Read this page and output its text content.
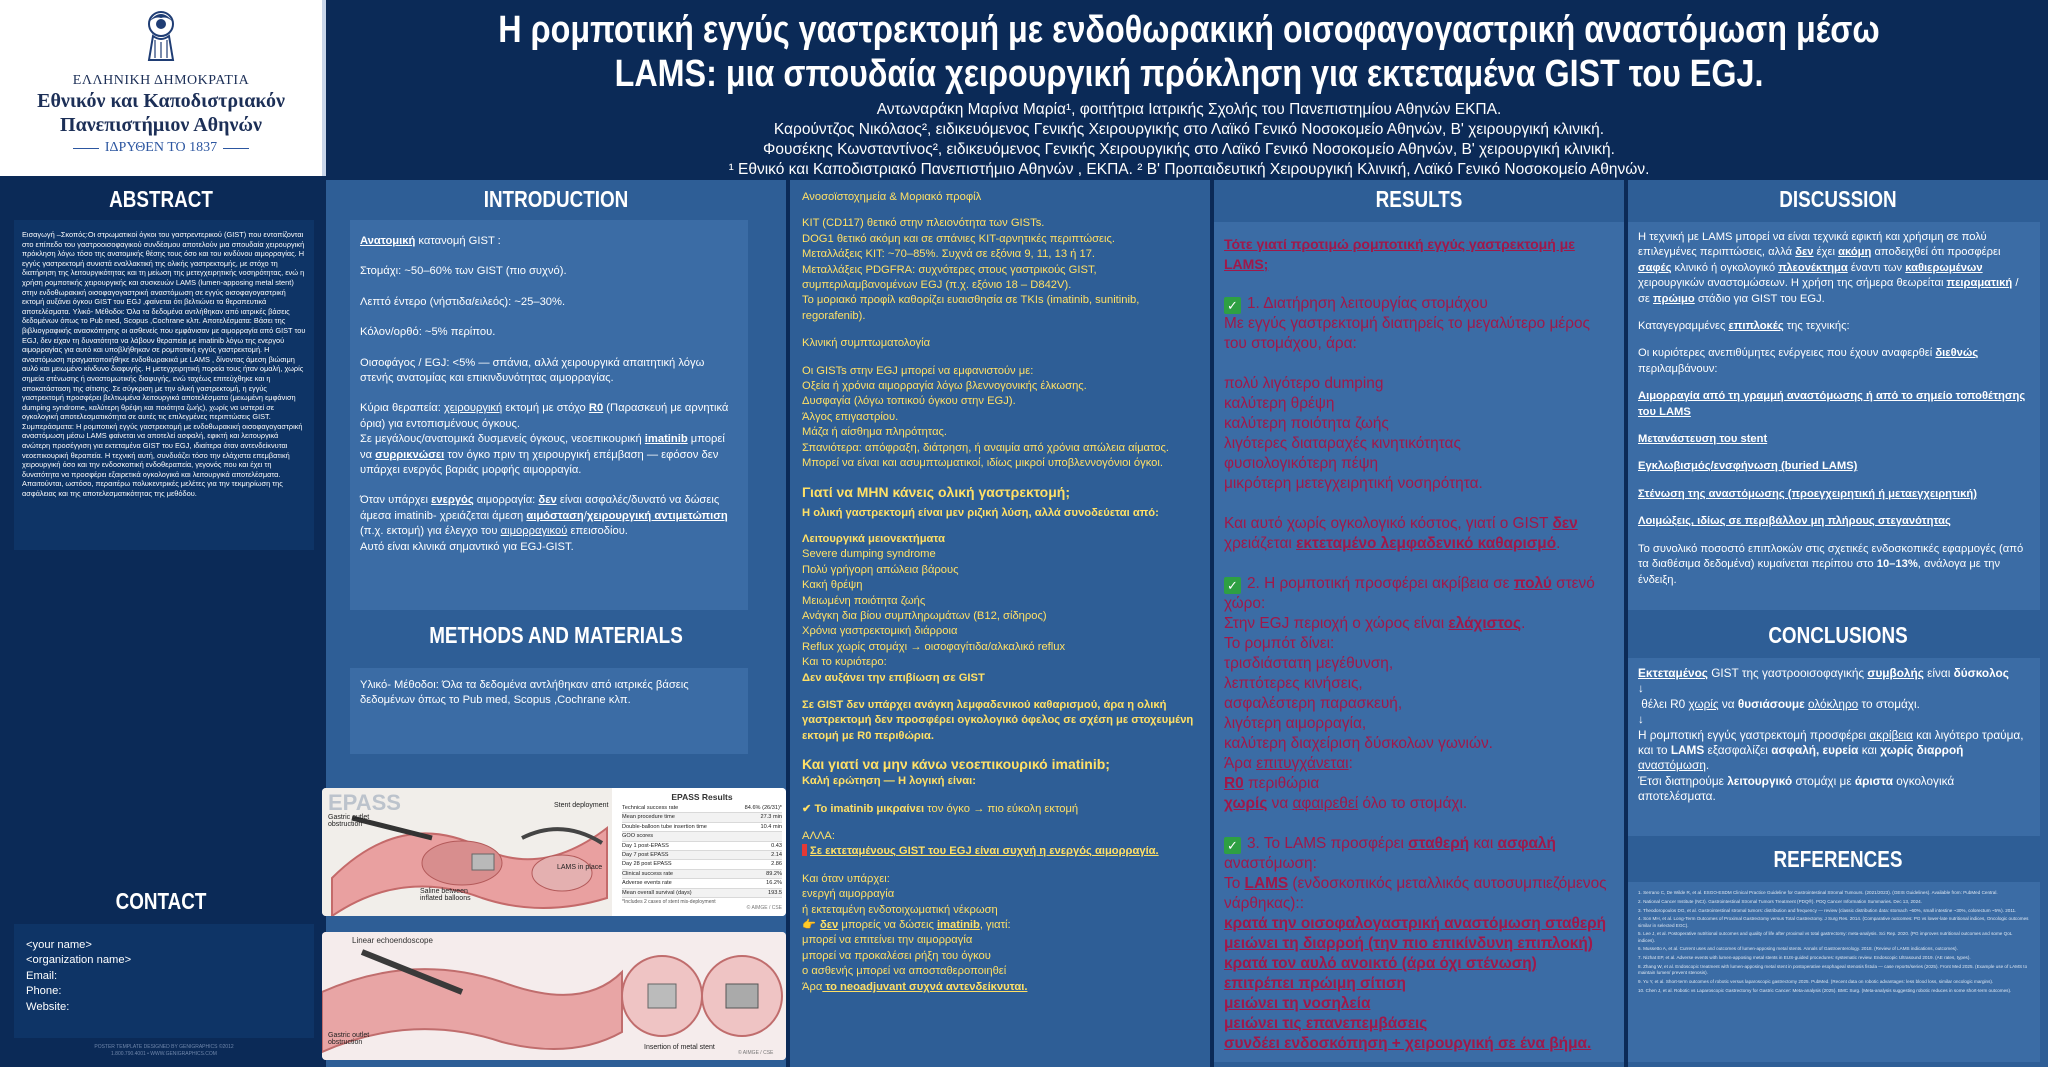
ΕΛΛΗΝΙΚΗ ΔΗΜΟΚΡΑΤΙΑ
Εθνικόν και Καποδιστριακόν
Πανεπιστήμιον Αθηνών
ΙΔΡΥΘΕΝ ΤΟ 1837
Η ρομποτική εγγύς γαστρεκτομή με ενδοθωρακική οισοφαγογαστρική αναστόμωση μέσω
LAMS: μια σπουδαία χειρουργική πρόκληση για εκτεταμένα GIST του EGJ.
Αντωναράκη Μαρίνα Μαρία¹, φοιτήτρια Ιατρικής Σχολής του Πανεπιστημίου Αθηνών ΕΚΠΑ.
Καρούντζος Νικόλαος², ειδικευόμενος Γενικής Χειρουργικής στο Λαϊκό Γενικό Νοσοκομείο Αθηνών, Β' χειρουργική κλινική.
Φουσέκης Κωνσταντίνος², ειδικευόμενος Γενικής Χειρουργικής στο Λαϊκό Γενικό Νοσοκομείο Αθηνών, Β' χειρουργική κλινική.
¹ Εθνικό και Καποδιστριακό Πανεπιστήμιο Αθηνών , ΕΚΠΑ. ² Β' Προπαιδευτική Χειρουργική Κλινική, Λαϊκό Γενικό Νοσοκομείο Αθηνών.
ABSTRACT
Εισαγωγή –Σκοπός:Οι στρωματικοί όγκοι του γαστρεντερικού (GIST) που εντοπίζονται στο επίπεδο του γαστροοισοφαγικού συνδέσμου αποτελούν μια σπουδαία χειρουργική πρόκληση λόγω τόσο της ανατομικής θέσης τους όσο και του κινδύνου αιμορραγίας. Η εγγύς γαστρεκτομή συνιστά εναλλακτική της ολικής γαστρεκτομής, με στόχο τη διατήρηση της λειτουργικότητας και τη μείωση της μετεγχειρητικής νοσηρότητας, ενώ η χρήση ρομποτικής χειρουργικής και συσκευών LAMS (lumen-apposing metal stent) στην ενδοθωρακική οισοφαγογαστρική αναστόμωση σε εγγύς οισοφαγογαστρική εκτομή αυξάνει όγκου GIST του EGJ ,φαίνεται ότι βελτιώνει τα θεραπευτικά αποτελέσματα. Υλικό- Μέθοδοι: Όλα τα δεδομένα αντλήθηκαν από ιατρικές βάσεις δεδομένων όπως το Pub med, Scopus ,Cochrane κλπ. Αποτελέσματα: Βάσει της βιβλιογραφικής ανασκόπησης οι ασθενείς που εμφάνισαν με αιμορραγία από GIST του EGJ, δεν είχαν τη δυνατότητα να λάβουν θεραπεία με imatinib λόγω της ενεργού αιμορραγίας για αυτό και υποβλήθηκαν σε ρομποτική εγγύς γαστρεκτομή. Η αναστόμωση πραγματοποιήθηκε ενδοθωρακικά με LAMS , δίνοντας άμεση βιώσιμη αυλό και μειωμένο κίνδυνο διαφυγής. Η μετεγχειρητική πορεία τους ήταν ομαλή, χωρίς σημεία στένωσης ή αναστομωτικής διαφυγής, ενώ ταχέως επιτεύχθηκε και η αποκατάσταση της σίτισης. Σε σύγκριση με την ολική γαστρεκτομή, η εγγύς γαστρεκτομή προσφέρει βελτιωμένα λειτουργικά αποτελέσματα (μειωμένη εμφάνιση dumping syndrome, καλύτερη θρέψη και ποιότητα ζωής), χωρίς να υστερεί σε ογκολογική αποτελεσματικότητα σε αυτές τις επιλεγμένες περιπτώσεις GIST. Συμπεράσματα: Η ρομποτική εγγύς γαστρεκτομή με ενδοθωρακική οισοφαγογαστρική αναστόμωση μέσω LAMS φαίνεται να αποτελεί ασφαλή, εφικτή και λειτουργικά ανώτερη προσέγγιση για εκτεταμένα GIST του EGJ, ιδιαίτερα όταν αντενδείκνυται νεοεπικουρική θεραπεία. Η τεχνική αυτή, συνδυάζει τόσο την ελάχιστα επεμβατική χειρουργική όσο και την ενδοσκοπική ενδοθεραπεία, γεγονός που και έχει τη δυνατότητα να προσφέρει εξαιρετικά ογκολογικά και λειτουργικά αποτελέσματα. Απαιτούνται, ωστόσο, περαιτέρω πολυκεντρικές μελέτες για την τεκμηρίωση της ασφάλειας και της αποτελεσματικότητας της μεθόδου.
CONTACT
<your name>
<organization name>
Email:
Phone:
Website:
POSTER TEMPLATE DESIGNED BY GENIGRAPHICS ©2012
1.800.790.4001 • WWW.GENIGRAPHICS.COM
INTRODUCTION
Ανατομική κατανομή GIST :
Στομάχι: ~50–60% των GIST (πιο συχνό).
Λεπτό έντερο (νήστιδα/ειλεός): ~25–30%.
Κόλον/ορθό: ~5% περίπου.
Οισοφάγος / EGJ: <5% — σπάνια, αλλά χειρουργικά απαιτητική λόγω στενής ανατομίας και επικινδυνότητας αιμορραγίας.
Κύρια θεραπεία: χειρουργική εκτομή με στόχο R0 (Παρασκευή με αρνητικά όρια) για εντοπισμένους όγκους.
Σε μεγάλους/ανατομικά δυσμενείς όγκους, νεοεπικουρική imatinib μπορεί να συρρικνώσει τον όγκο πριν τη χειρουργική επέμβαση — εφόσον δεν υπάρχει ενεργός βαριάς μορφής αιμορραγία.
Όταν υπάρχει ενεργός αιμορραγία: δεν είναι ασφαλές/δυνατό να δώσεις άμεσα imatinib- χρειάζεται άμεση αιμόσταση/χειρουργική αντιμετώπιση (π.χ. εκτομή) για έλεγχο του αιμορραγικού επεισοδίου.
Αυτό είναι κλινικά σημαντικό για EGJ-GIST.
METHODS AND MATERIALS
Υλικό- Μέθοδοι: Όλα τα δεδομένα αντλήθηκαν από ιατρικές βάσεις δεδομένων όπως το Pub med, Scopus ,Cochrane κλπ.
EPASS
Gastric outlet obstruction
Stent deployment
LAMS in place
Saline between inflated balloons
EPASS Results
Technical success rate	84.6% (26/31)*
Mean procedure time	27.3 min
Double-balloon tube insertion time	10.4 min
GOO scores
Day 1 post-EPASS	0.43
Day 7 post EPASS	2.14
Day 28 post EPASS	2.86
Clinical success rate	89.2%
Adverse events rate	16.2%
Mean overall survival (days)	193.5
*Includes 2 cases of stent mis-deployment
© AIMGE / CSE
Linear echoendoscope
Gastric outlet obstruction
Insertion of metal stent
© AIMGE / CSE
Ανοσοϊστοχημεία & Μοριακό προφίλ
KIT (CD117) θετικό στην πλειονότητα των GISTs.
DOG1 θετικό ακόμη και σε σπάνιες KIT-αρνητικές περιπτώσεις.
Μεταλλάξεις KIT: ~70–85%. Συχνά σε εξόνια 9, 11, 13 ή 17.
Μεταλλάξεις PDGFRA: συχνότερες στους γαστρικούς GIST, συμπεριλαμβανομένων EGJ (π.χ. εξόνιο 18 – D842V).
Το μοριακό προφίλ καθορίζει ευαισθησία σε TKIs (imatinib, sunitinib, regorafenib).
Κλινική συμπτωματολογία
Οι GISTs στην EGJ μπορεί να εμφανιστούν με:
Οξεία ή χρόνια αιμορραγία λόγω βλεννογονικής έλκωσης.
Δυσφαγία (λόγω τοπικού όγκου στην EGJ).
Άλγος επιγαστρίου.
Μάζα ή αίσθημα πληρότητας.
Σπανιότερα: απόφραξη, διάτρηση, ή αναιμία από χρόνια απώλεια αίματος.
Μπορεί να είναι και ασυμπτωματικοί, ιδίως μικροί υποβλεννογόνιοι όγκοι.
Γιατί να ΜΗΝ κάνεις ολική γαστρεκτομή;
Η ολική γαστρεκτομή είναι μεν ριζική λύση, αλλά συνοδεύεται από:
Λειτουργικά μειονεκτήματα
Severe dumping syndrome
Πολύ γρήγορη απώλεια βάρους
Κακή θρέψη
Μειωμένη ποιότητα ζωής
Ανάγκη δια βίου συμπληρωμάτων (Β12, σίδηρος)
Χρόνια γαστρεκτομική διάρροια
Reflux χωρίς στομάχι → οισοφαγίτιδα/αλκαλικό reflux
Και το κυριότερο:
Δεν αυξάνει την επιβίωση σε GIST
Σε GIST δεν υπάρχει ανάγκη λεμφαδενικού καθαρισμού, άρα η ολική γαστρεκτομή δεν προσφέρει ογκολογικό όφελος σε σχέση με στοχευμένη εκτομή με R0 περιθώρια.
Και γιατί να μην κάνω νεοεπικουρικό imatinib;
Καλή ερώτηση — Η λογική είναι:
✔ Το imatinib μικραίνει τον όγκο → πιο εύκολη εκτομή
ΑΛΛΑ:
Σε εκτεταμένους GIST του EGJ είναι συχνή η ενεργός αιμορραγία.
Και όταν υπάρχει:
ενεργή αιμορραγία
ή εκτεταμένη ενδοτοιχωματική νέκρωση
👉 δεν μπορείς να δώσεις imatinib, γιατί:
μπορεί να επιτείνει την αιμορραγία
μπορεί να προκαλέσει ρήξη του όγκου
ο ασθενής μπορεί να αποσταθεροποιηθεί
Άρα το neoadjuvant συχνά αντενδείκνυται.
RESULTS
Τότε γιατί προτιμώ ρομποτική εγγύς γαστρεκτομή με LAMS;
✓ 1. Διατήρηση λειτουργίας στομάχου
Με εγγύς γαστρεκτομή διατηρείς το μεγαλύτερο μέρος του στομάχου, άρα:
πολύ λιγότερο dumping
καλύτερη θρέψη
καλύτερη ποιότητα ζωής
λιγότερες διαταραχές κινητικότητας
φυσιολογικότερη πέψη
μικρότερη μετεγχειρητική νοσηρότητα.
Και αυτό χωρίς ογκολογικό κόστος, γιατί ο GIST δεν χρειάζεται εκτεταμένο λεμφαδενικό καθαρισμό.
✓ 2. Η ρομποτική προσφέρει ακρίβεια σε πολύ στενό χώρο:
Στην EGJ περιοχή ο χώρος είναι ελάχιστος.
Το ρομπότ δίνει:
τρισδιάστατη μεγέθυνση,
λεπτότερες κινήσεις,
ασφαλέστερη παρασκευή,
λιγότερη αιμορραγία,
καλύτερη διαχείριση δύσκολων γωνιών.
Άρα επιτυγχάνεται:
R0 περιθώρια
χωρίς να αφαιρεθεί όλο το στομάχι.
✓ 3. Το LAMS προσφέρει σταθερή και ασφαλή αναστόμωση:
Το LAMS (ενδοσκοπικός μεταλλικός αυτοσυμπιεζόμενος νάρθηκας)::
κρατά την οισοφαλογαστρική αναστόμωση σταθερή
μειώνει τη διαρροή (την πιο επικίνδυνη επιπλοκή)
κρατά τον αυλό ανοικτό (άρα όχι στένωση)
επιτρέπει πρώιμη σίτιση
μειώνει τη νοσηλεία
μειώνει τις επανεπεμβάσεις
συνδέει ενδοσκόπηση + χειρουργική σε ένα βήμα.
DISCUSSION
Η τεχνική με LAMS μπορεί να είναι τεχνικά εφικτή και χρήσιμη σε πολύ επιλεγμένες περιπτώσεις, αλλά δεν έχει ακόμη αποδειχθεί ότι προσφέρει σαφές κλινικό ή ογκολογικό πλεονέκτημα έναντι των καθιερωμένων χειρουργικών αναστομώσεων. Η χρήση της σήμερα θεωρείται πειραματική / σε πρώιμο στάδιο για GIST του EGJ.
Καταγεγραμμένες επιπλοκές της τεχνικής:
Οι κυριότερες ανεπιθύμητες ενέργειες που έχουν αναφερθεί διεθνώς περιλαμβάνουν:
Αιμορραγία από τη γραμμή αναστόμωσης ή από το σημείο τοποθέτησης του LAMS
Μετανάστευση του stent
Εγκλωβισμός/ενσφήνωση (buried LAMS)
Στένωση της αναστόμωσης (προεγχειρητική ή μεταεγχειρητική)
Λοιμώξεις, ιδίως σε περιβάλλον μη πλήρους στεγανότητας
Το συνολικό ποσοστό επιπλοκών στις σχετικές ενδοσκοπικές εφαρμογές (από τα διαθέσιμα δεδομένα) κυμαίνεται περίπου στο 10–13%, ανάλογα με την ένδειξη.
CONCLUSIONS
Εκτεταμένος GIST της γαστροοισοφαγικής συμβολής είναι δύσκολος
↓
θέλει R0 χωρίς να θυσιάσουμε ολόκληρο το στομάχι.
↓
Η ρομποτική εγγύς γαστρεκτομή προσφέρει ακρίβεια και λιγότερο τραύμα, και το LAMS εξασφαλίζει ασφαλή, ευρεία και χωρίς διαρροή αναστόμωση.
Έτσι διατηρούμε λειτουργικό στομάχι με άριστα ογκολογικά αποτελέσματα.
REFERENCES
1. Serrano C, De Wilde R, et al. ESGO-ESDM Clinical Practice Guideline for Gastrointestinal Stromal Tumours. (2021/2023). (GEIS Guidelines). Available from: PubMed Central.
2. National Cancer Institute (NCI). Gastrointestinal Stromal Tumors Treatment (PDQ®). PDQ Cancer Information Summaries. Dec 13, 2024.
3. Theodoropoulos DG, et al. Gastrointestinal stromal tumors: distribution and frequency — review (classic distribution data: stomach ~60%, small intestine ~30%, colorectum ~5%). 2011.
4. Son MH, et al. Long-Term Outcomes of Proximal Gastrectomy versus Total Gastrectomy. J Surg Res. 2014. (Comparative outcomes: PG vs lower-late nutritional indices, Oncologic outcomes similar in selected EGC).
5. Lee J, et al. Postoperative nutritional outcomes and quality of life after proximal vs total gastrectomy: meta-analysis. Sci Rep. 2020. (PG improves nutritional outcomes and some QoL indices).
6. Mussetto A, et al. Current uses and outcomes of lumen-apposing metal stents. Annals of Gastroenterology. 2018. (Review of LAMS indications, outcomes).
7. Nizhat EP, et al. Adverse events with lumen-apposing metal stents in EUS-guided procedures: systematic review. Endoscopic Ultrasound 2019. (AE rates, types).
8. Zhang W, et al. Endoscopic treatment with lumen-apposing metal stent in postoperative esophageal stenosis fistula — case reports/series (2025). Front Med 2025. (Example use of LAMS to maintain lumen/ prevent stenosis).
9. Yu Y, et al. Short-term outcomes of robotic versus laparoscopic gastrectomy 2025. PubMed. (Recent data on robotic advantages: less blood loss, similar oncologic margins).
10. Chen J, et al. Robotic vs Laparoscopic Gastrectomy for Gastric Cancer: Meta-analysis (2025). BMC Surg. (Meta-analysis suggesting robotic reduces in some short-term outcomes).
